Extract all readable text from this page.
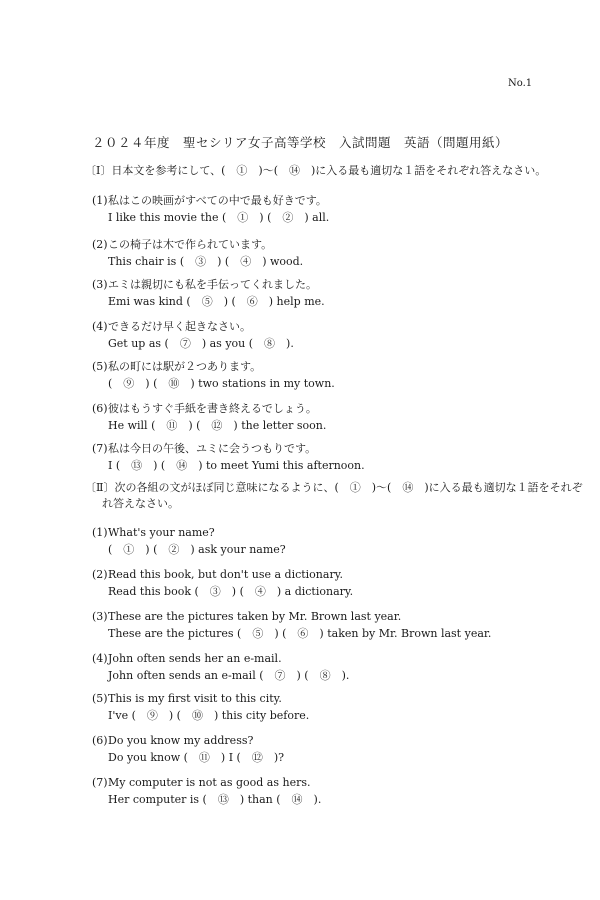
No.1
２０２４年度　聖セシリア女子高等学校　入試問題　英語（問題用紙）
〔Ⅰ〕日本文を参考にして、(　①　)～(　⑭　)に入る最も適切な１語をそれぞれ答えなさい。
(1) 私はこの映画がすべての中で最も好きです。
I like this movie the (　①　) (　②　) all.
(2) この椅子は木で作られています。
This chair is (　③　) (　④　) wood.
(3) エミは親切にも私を手伝ってくれました。
Emi was kind (　⑤　) (　⑥　) help me.
(4) できるだけ早く起きなさい。
Get up as (　⑦　) as you (　⑧　).
(5) 私の町には駅が２つあります。
(　⑨　) (　⑩　) two stations in my town.
(6) 彼はもうすぐ手紙を書き終えるでしょう。
He will (　⑪　) (　⑫　) the letter soon.
(7) 私は今日の午後、ユミに会うつもりです。
I (　⑬　) (　⑭　) to meet Yumi this afternoon.
〔Ⅱ〕次の各組の文がほぼ同じ意味になるように、(　①　)～(　⑭　)に入る最も適切な１語をそれぞ
れ答えなさい。
(1) What's your name?
(　①　) (　②　) ask your name?
(2) Read this book, but don't use a dictionary.
Read this book (　③　) (　④　) a dictionary.
(3) These are the pictures taken by Mr. Brown last year.
These are the pictures (　⑤　) (　⑥　) taken by Mr. Brown last year.
(4) John often sends her an e-mail.
John often sends an e-mail (　⑦　) (　⑧　).
(5) This is my first visit to this city.
I've (　⑨　) (　⑩　) this city before.
(6) Do you know my address?
Do you know (　⑪　) I (　⑫　)?
(7) My computer is not as good as hers.
Her computer is (　⑬　) than (　⑭　).
